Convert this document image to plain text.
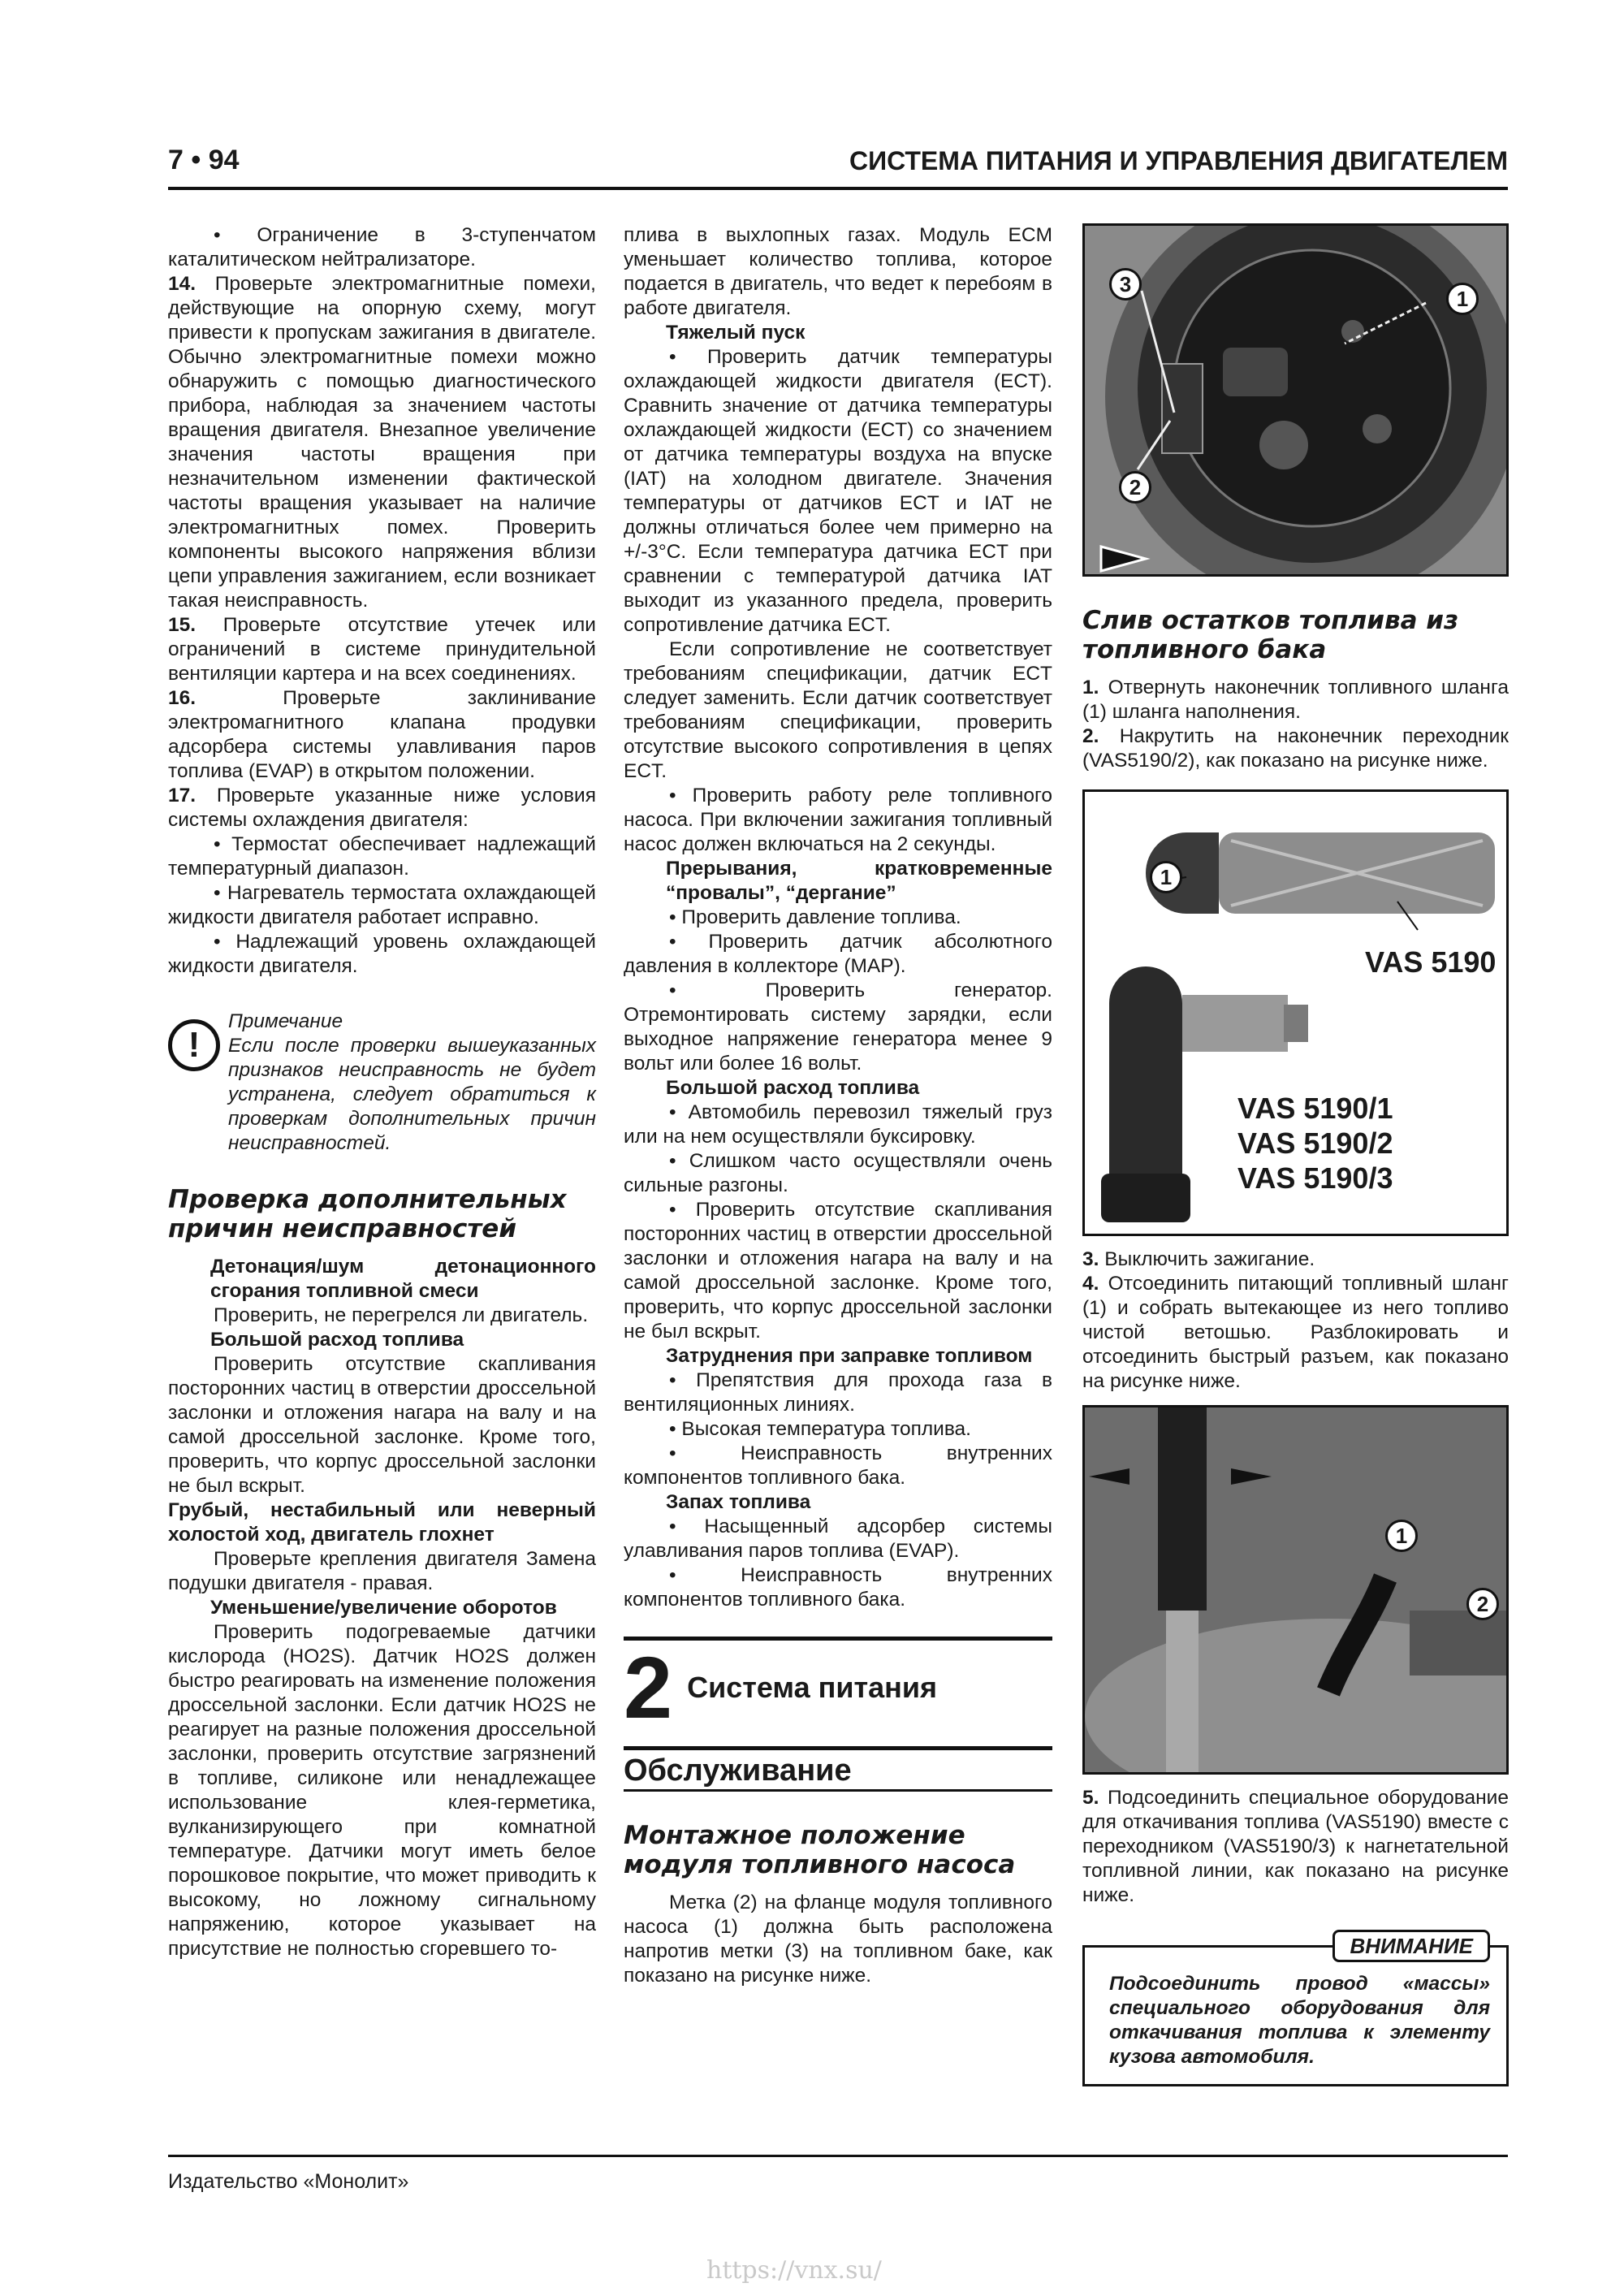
7 • 94	СИСТЕМА ПИТАНИЯ И УПРАВЛЕНИЯ ДВИГАТЕЛЕМ

• Ограничение в 3-ступенчатом каталитическом нейтрализаторе.

14. Проверьте электромагнитные помехи, действующие на опорную схему, могут привести к пропускам зажигания в двигателе. Обычно электромагнитные помехи можно обнаружить с помощью диагностического прибора, наблюдая за значением частоты вращения двигателя. Внезапное увеличение значения частоты вращения при незначительном изменении фактической частоты вращения указывает на наличие электромагнитных помех. Проверить компоненты высокого напряжения вблизи цепи управления зажиганием, если возникает такая неисправность.

15. Проверьте отсутствие утечек или ограничений в системе принудительной вентиляции картера и на всех соединениях.

16. Проверьте заклинивание электромагнитного клапана продувки адсорбера системы улавливания паров топлива (EVAP) в открытом положении.

17. Проверьте указанные ниже условия системы охлаждения двигателя:

• Термостат обеспечивает надлежащий температурный диапазон.

• Нагреватель термостата охлаждающей жидкости двигателя работает исправно.

• Надлежащий уровень охлаждающей жидкости двигателя.

!
Примечание

Если после проверки вышеуказанных признаков неисправность не будет устранена, следует обратиться к проверкам дополнительных причин неисправностей.

Проверка дополнительных причин неисправностей

Детонация/шум детонационного сгорания топливной смеси

Проверить, не перегрелся ли двигатель.

Большой расход топлива

Проверить отсутствие скапливания посторонних частиц в отверстии дроссельной заслонки и отложения нагара на валу и на самой дроссельной заслонке. Кроме того, проверить, что корпус дроссельной заслонки не был вскрыт.

Грубый, нестабильный или неверный холостой ход, двигатель глохнет

Проверьте крепления двигателя Замена подушки двигателя - правая.

Уменьшение/увеличение оборотов

Проверить подогреваемые датчики кислорода (HO2S). Датчик HO2S должен быстро реагировать на изменение положения дроссельной заслонки. Если датчик HO2S не реагирует на разные положения дроссельной заслонки, проверить отсутствие загрязнений в топливе, силиконе или ненадлежащее использование клея-герметика, вулканизирующего при комнатной температуре. Датчики могут иметь белое порошковое покрытие, что может приводить к высокому, но ложному сигнальному напряжению, которое указывает на присутствие не полностью сгоревшего то-

плива в выхлопных газах. Модуль ECM уменьшает количество топлива, которое подается в двигатель, что ведет к перебоям в работе двигателя.

Тяжелый пуск

• Проверить датчик температуры охлаждающей жидкости двигателя (ECT). Сравнить значение от датчика температуры охлаждающей жидкости (ECT) со значением от датчика температуры воздуха на впуске (IAT) на холодном двигателе. Значения температуры от датчиков ECT и IAT не должны отличаться более чем примерно на +/-3°C. Если температура датчика ECT при сравнении с температурой датчика IAT выходит из указанного предела, проверить сопротивление датчика ECT.

Если сопротивление не соответствует требованиям спецификации, датчик ECT следует заменить. Если датчик соответствует требованиям спецификации, проверить отсутствие высокого сопротивления в цепях ECT.

• Проверить работу реле топливного насоса. При включении зажигания топливный насос должен включаться на 2 секунды.

Прерывания, кратковременные “провалы”, “дергание”

• Проверить давление топлива.

• Проверить датчик абсолютного давления в коллекторе (MAP).

• Проверить генератор. Отремонтировать систему зарядки, если выходное напряжение генератора менее 9 вольт или более 16 вольт.

Большой расход топлива

• Автомобиль перевозил тяжелый груз или на нем осуществляли буксировку.

• Слишком часто осуществляли очень сильные разгоны.

• Проверить отсутствие скапливания посторонних частиц в отверстии дроссельной заслонки и отложения нагара на валу и на самой дроссельной заслонке. Кроме того, проверить, что корпус дроссельной заслонки не был вскрыт.

Затруднения при заправке топливом

• Препятствия для прохода газа в вентиляционных линиях.

• Высокая температура топлива.

• Неисправность внутренних компонентов топливного бака.

Запах топлива

• Насыщенный адсорбер системы улавливания паров топлива (EVAP).

• Неисправность внутренних компонентов топливного бака.

2 Система питания
Обслуживание
Монтажное положение модуля топливного насоса

Метка (2) на фланце модуля топливного насоса (1) должна быть расположена напротив метки (3) на топливном баке, как показано на рисунке ниже.

1
2
3
Слив остатков топлива из топливного бака

1. Отвернуть наконечник топливного шланга (1) шланга наполнения.

2. Накрутить на наконечник переходник (VAS5190/2), как показано на рисунке ниже.

1
VAS 5190
VAS 5190/1
VAS 5190/2
VAS 5190/3

3. Выключить зажигание.

4. Отсоединить питающий топливный шланг (1) и собрать вытекающее из него топливо чистой ветошью. Разблокировать и отсоединить быстрый разъем, как показано на рисунке ниже.

1
2

5. Подсоединить специальное оборудование для откачивания топлива (VAS5190) вместе с переходником (VAS5190/3) к нагнетательной топливной линии, как показано на рисунке ниже.

ВНИМАНИЕ

Подсоединить провод «массы» специального оборудования для откачивания топлива к элементу кузова автомобиля.

Издательство «Монолит»
https://vnx.su/
